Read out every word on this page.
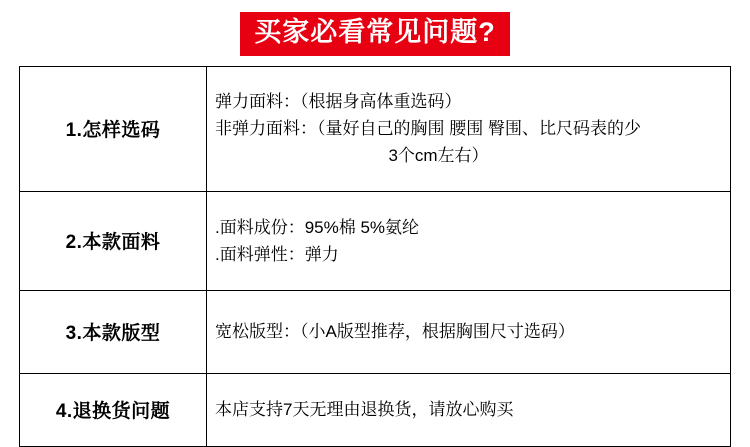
买家必看常见问题?
1.怎样选码	弹力面料：（根据身高体重选码）
非弹力面料：（量好自己的胸围 腰围 臀围、比尺码表的少
3个cm左右）

2.本款面料	.面料成份：95%棉 5%氨纶
.面料弹性：弹力

3.本款版型	宽松版型：（小A版型推荐，根据胸围尺寸选码）

4.退换货问题	本店支持7天无理由退换货，请放心购买
